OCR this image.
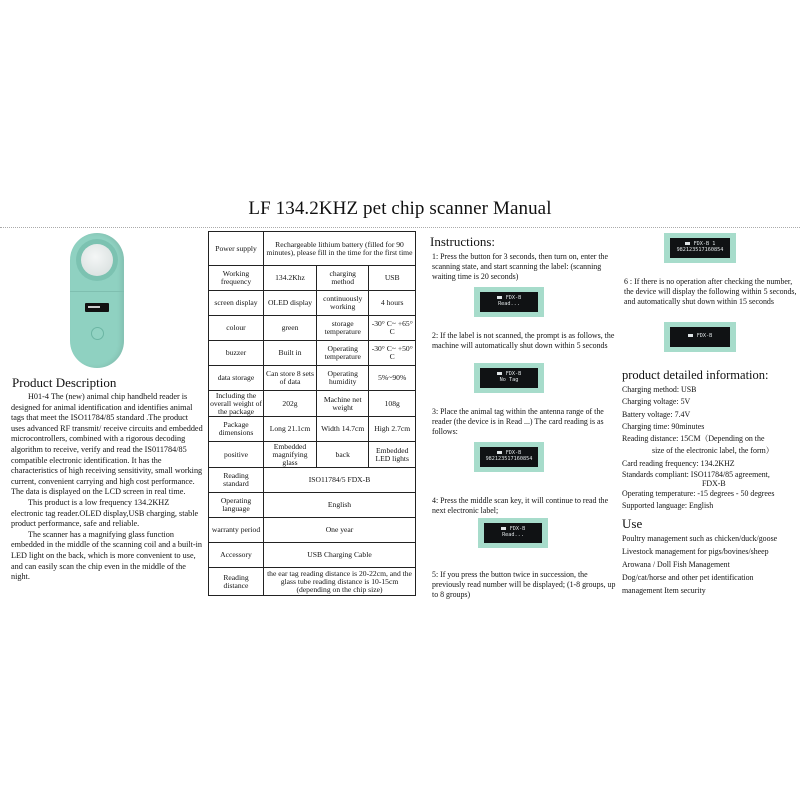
LF 134.2KHZ pet chip scanner Manual
Product Description

H01-4 The (new) animal chip handheld reader is designed for animal identification and identifies animal tags that meet the ISO11784/85 standard .The product uses advanced RF transmit/ receive circuits and embedded microcontrollers, combined with a rigorous decoding algorithm to receive, verify and read the IS011784/85 compatible electronic identification. It has the characteristics of high receiving sensitivity, small working current, convenient carrying and high cost performance. The data is displayed on the LCD screen in real time.

This product is a low frequency 134.2KHZ electronic tag reader.OLED display,USB charging, stable product performance, safe and reliable.

The scanner has a magnifying glass function embedded in the middle of the scanning coil and a built-in LED light on the back, which is more convenient to use, and can easily scan the chip even in the middle of the night.

Power supply	Rechargeable lithium battery (filled for 90 minutes), please fill in the time for the first time		
Working frequency	134.2Khz	charging method	USB
screen display	OLED display	continuously working	4 hours
colour	green	storage temperature	-30° C~ +65° C
buzzer	Built in	Operating temperature	-30° C~ +50° C
data storage	Can store 8 sets of data	Operating humidity	5%~90%
Including the overall weight of the package	202g	Machine net weight	108g
Package dimensions	Long 21.1cm	Width 14.7cm	High 2.7cm
positive	Embedded magnifying glass	back	Embedded LED lights
Reading standard	ISO11784/5 FDX-B		
Operating language	English		
warranty period	One year		
Accessory	USB Charging Cable		
Reading distance	the ear tag reading distance is 20-22cm, and the glass tube reading distance is 10-15cm (depending on the chip size)		
Instructions:
1: Press the button for 3 seconds, then turn on, enter the scanning state, and start scanning the label: (scanning waiting time is 20 seconds)
FDX-B
Read...
2: If the label is not scanned, the prompt is as follows, the machine will automatically shut down within 5 seconds
FDX-B
No Tag
3: Place the animal tag within the antenna range of the reader (the device is in Read ...) The card reading is as follows:
FDX-B
982123517160854
4: Press the middle scan key, it will continue to read the next electronic label;
FDX-B
Read...
5: If you press the button twice in succession, the previously read number will be displayed; (1-8 groups, up to 8 groups)
FDX-B 1
982123517160854
6 : If there is no operation after checking the number, the device will display the following within 5 seconds, and automatically shut down within 15 seconds
FDX-B
product detailed information:
Charging method: USB
Charging voltage: 5V
Battery voltage: 7.4V
Charging time: 90minutes
Reading distance: 15CM（Depending on the
size of the electronic label, the form）
Card reading frequency: 134.2KHZ
Standards compliant: ISO11784/85 agreement,
FDX-B
Operating temperature: -15 degrees - 50 degrees
Supported language: English
Use
Poultry management such as chicken/duck/goose
Livestock management for pigs/bovines/sheep
Arowana / Doll Fish Management
Dog/cat/horse and other pet identification
management Item security
